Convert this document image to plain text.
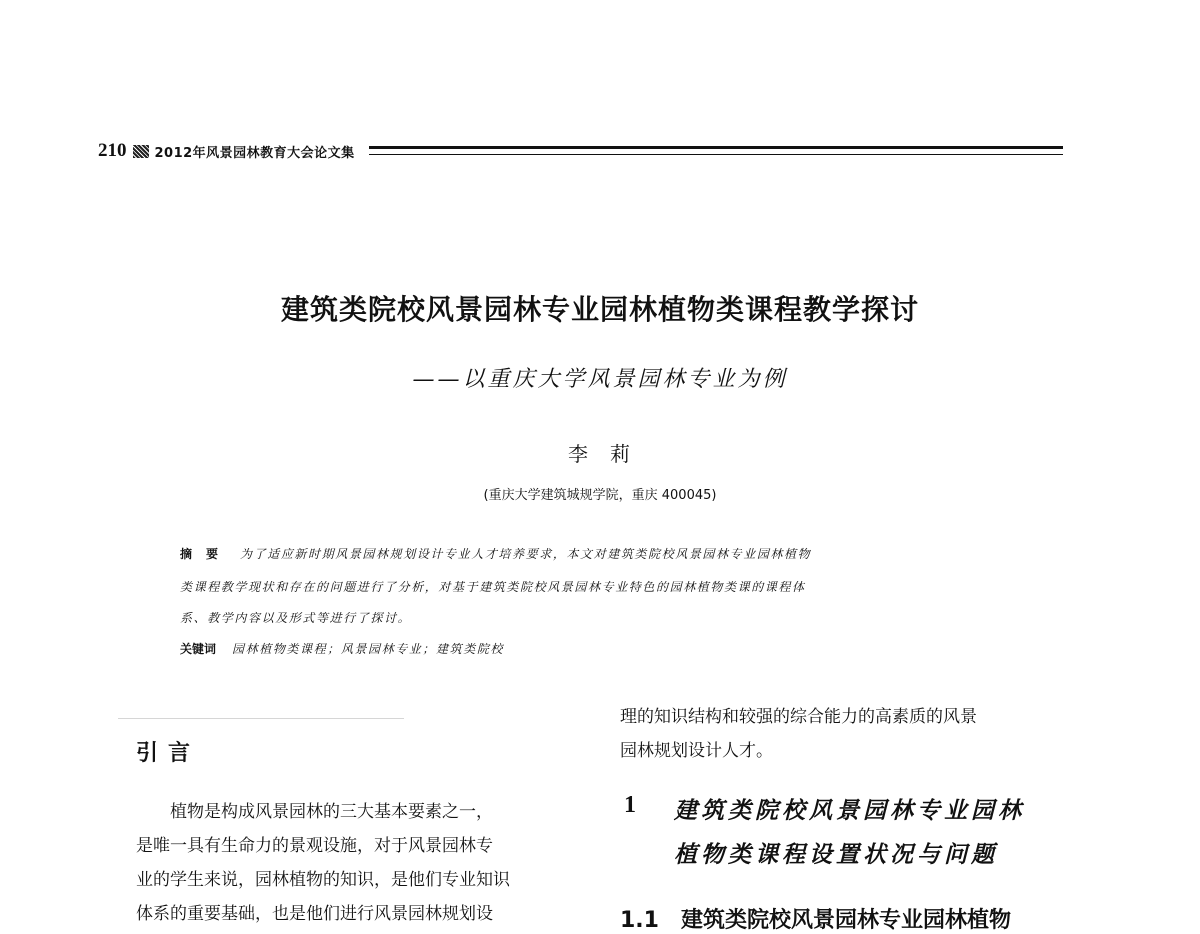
210 2012年风景园林教育大会论文集
建筑类院校风景园林专业园林植物类课程教学探讨
——以重庆大学风景园林专业为例
李莉
(重庆大学建筑城规学院，重庆 400045)
摘要 为了适应新时期风景园林规划设计专业人才培养要求，本文对建筑类院校风景园林专业园林植物
类课程教学现状和存在的问题进行了分析，对基于建筑类院校风景园林专业特色的园林植物类课的课程体
系、教学内容以及形式等进行了探讨。
关键词 园林植物类课程；风景园林专业；建筑类院校
引言
植物是构成风景园林的三大基本要素之一，
是唯一具有生命力的景观设施，对于风景园林专
业的学生来说，园林植物的知识，是他们专业知识
体系的重要基础，也是他们进行风景园林规划设
理的知识结构和较强的综合能力的高素质的风景
园林规划设计人才。
1 建筑类院校风景园林专业园林
植物类课程设置状况与问题
1.1　建筑类院校风景园林专业园林植物
